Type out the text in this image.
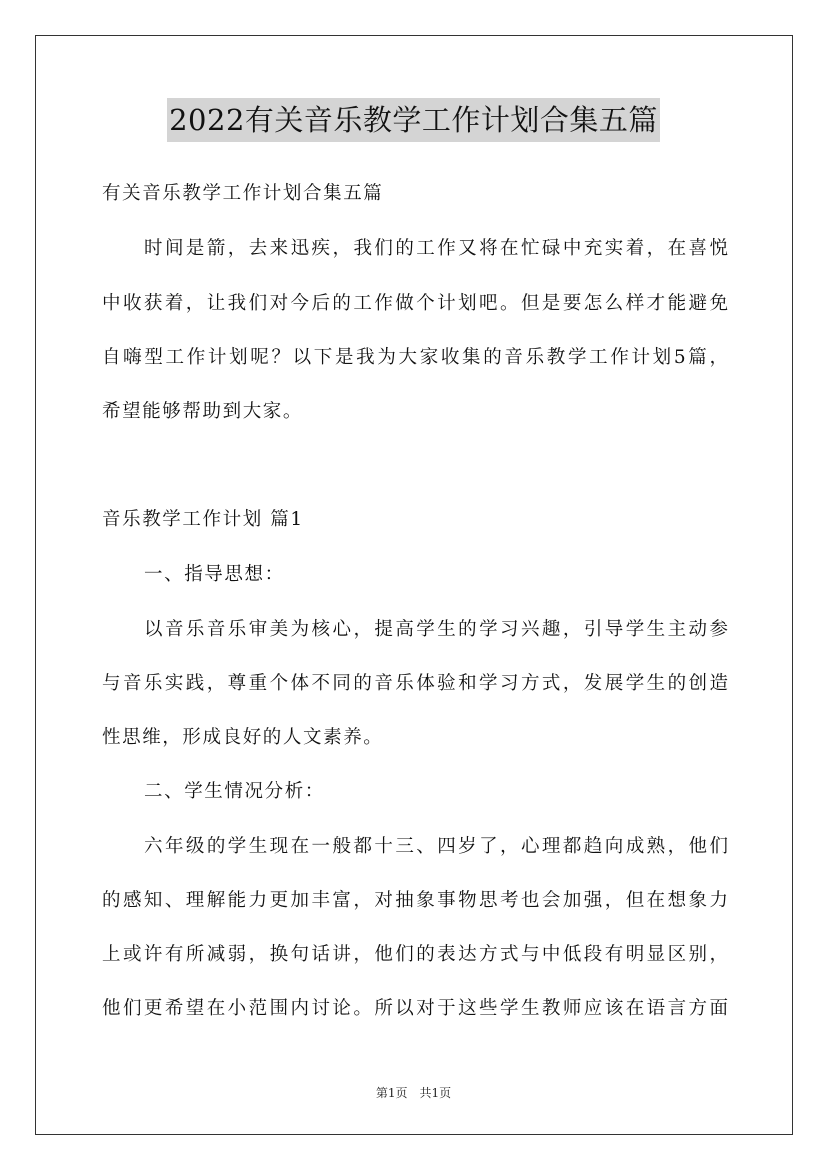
2022有关音乐教学工作计划合集五篇
有关音乐教学工作计划合集五篇
时间是箭，去来迅疾，我们的工作又将在忙碌中充实着，在喜悦
中收获着，让我们对今后的工作做个计划吧。但是要怎么样才能避免
自嗨型工作计划呢？以下是我为大家收集的音乐教学工作计划5篇，
希望能够帮助到大家。
音乐教学工作计划 篇1
一、指导思想：
以音乐音乐审美为核心，提高学生的学习兴趣，引导学生主动参
与音乐实践，尊重个体不同的音乐体验和学习方式，发展学生的创造
性思维，形成良好的人文素养。
二、学生情况分析：
六年级的学生现在一般都十三、四岁了，心理都趋向成熟，他们
的感知、理解能力更加丰富，对抽象事物思考也会加强，但在想象力
上或许有所减弱，换句话讲，他们的表达方式与中低段有明显区别，
他们更希望在小范围内讨论。所以对于这些学生教师应该在语言方面
第1页　共1页
